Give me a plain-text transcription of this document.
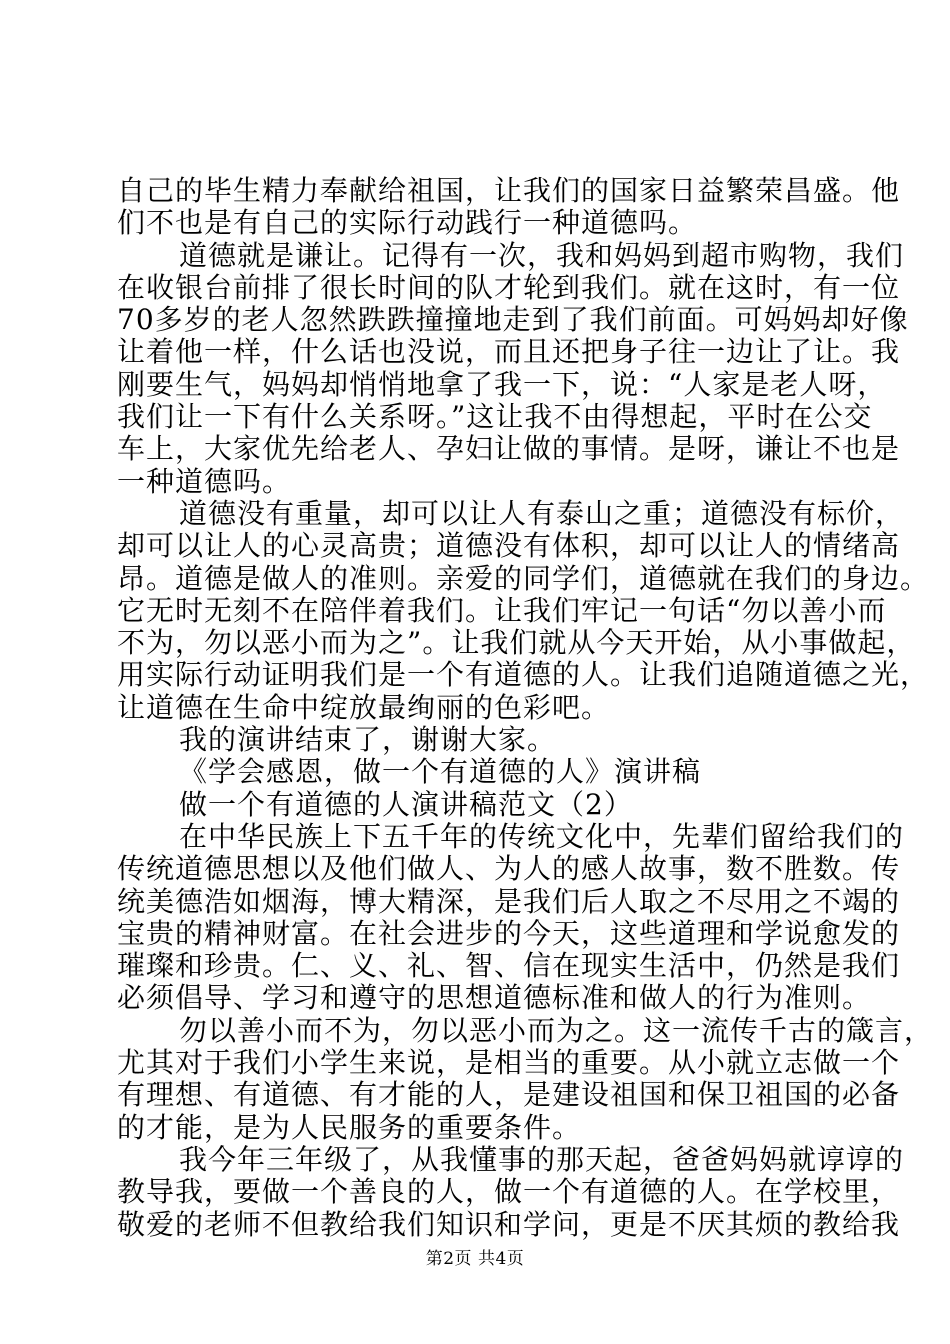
自己的毕生精力奉献给祖国，让我们的国家日益繁荣昌盛。他
们不也是有自己的实际行动践行一种道德吗。
道德就是谦让。记得有一次，我和妈妈到超市购物，我们
在收银台前排了很长时间的队才轮到我们。就在这时，有一位
70多岁的老人忽然跌跌撞撞地走到了我们前面。可妈妈却好像
让着他一样，什么话也没说，而且还把身子往一边让了让。我
刚要生气，妈妈却悄悄地拿了我一下，说：“人家是老人呀，
我们让一下有什么关系呀。”这让我不由得想起，平时在公交
车上，大家优先给老人、孕妇让做的事情。是呀，谦让不也是
一种道德吗。
道德没有重量，却可以让人有泰山之重；道德没有标价，
却可以让人的心灵高贵；道德没有体积，却可以让人的情绪高
昂。道德是做人的准则。亲爱的同学们，道德就在我们的身边。
它无时无刻不在陪伴着我们。让我们牢记一句话“勿以善小而
不为，勿以恶小而为之”。让我们就从今天开始，从小事做起，
用实际行动证明我们是一个有道德的人。让我们追随道德之光，
让道德在生命中绽放最绚丽的色彩吧。
我的演讲结束了，谢谢大家。
《学会感恩，做一个有道德的人》演讲稿
做一个有道德的人演讲稿范文（2）
在中华民族上下五千年的传统文化中，先辈们留给我们的
传统道德思想以及他们做人、为人的感人故事，数不胜数。传
统美德浩如烟海，博大精深，是我们后人取之不尽用之不竭的
宝贵的精神财富。在社会进步的今天，这些道理和学说愈发的
璀璨和珍贵。仁、义、礼、智、信在现实生活中，仍然是我们
必须倡导、学习和遵守的思想道德标准和做人的行为准则。
勿以善小而不为，勿以恶小而为之。这一流传千古的箴言，
尤其对于我们小学生来说，是相当的重要。从小就立志做一个
有理想、有道德、有才能的人，是建设祖国和保卫祖国的必备
的才能，是为人民服务的重要条件。
我今年三年级了，从我懂事的那天起，爸爸妈妈就谆谆的
教导我，要做一个善良的人，做一个有道德的人。在学校里，
敬爱的老师不但教给我们知识和学问，更是不厌其烦的教给我
第2页 共4页
